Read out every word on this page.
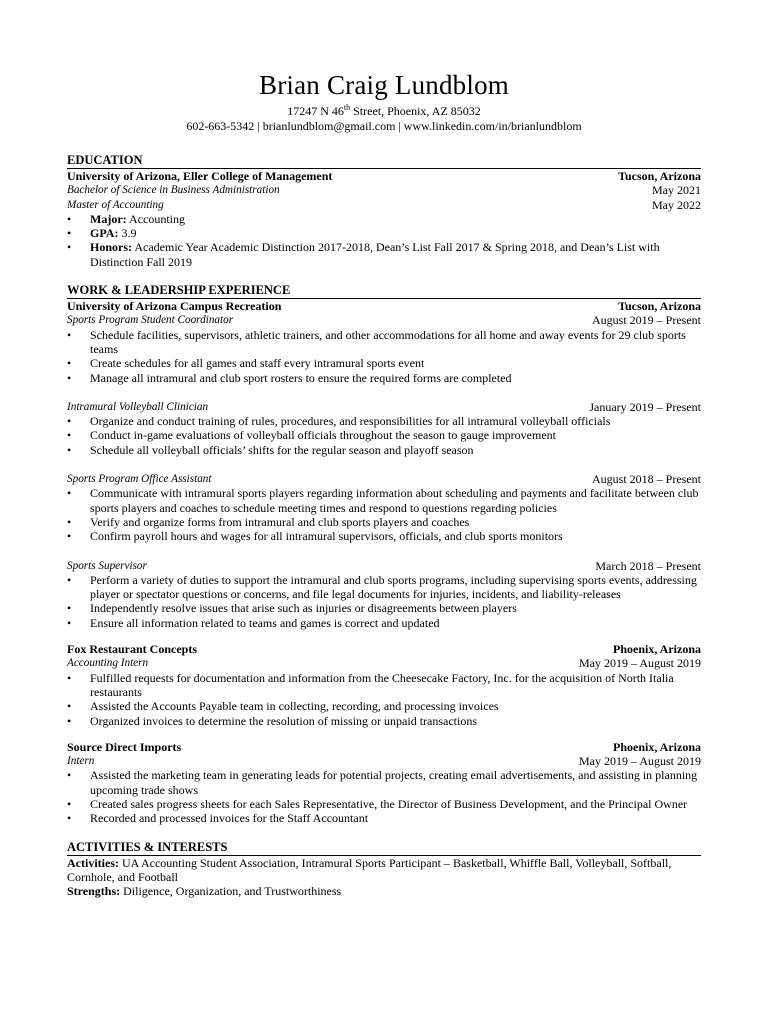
Brian Craig Lundblom
17247 N 46th Street, Phoenix, AZ 85032
602-663-5342 | brianlundblom@gmail.com | www.linkedin.com/in/brianlundblom
EDUCATION
University of Arizona, Eller College of Management	Tucson, Arizona
Bachelor of Science in Business Administration	May 2021
Master of Accounting	May 2022
• Major: Accounting
• GPA: 3.9
• Honors: Academic Year Academic Distinction 2017-2018, Dean’s List Fall 2017 & Spring 2018, and Dean’s List with Distinction Fall 2019
WORK & LEADERSHIP EXPERIENCE
University of Arizona Campus Recreation	Tucson, Arizona
Sports Program Student Coordinator	August 2019 – Present
• Schedule facilities, supervisors, athletic trainers, and other accommodations for all home and away events for 29 club sports teams
• Create schedules for all games and staff every intramural sports event
• Manage all intramural and club sport rosters to ensure the required forms are completed
Intramural Volleyball Clinician	January 2019 – Present
• Organize and conduct training of rules, procedures, and responsibilities for all intramural volleyball officials
• Conduct in-game evaluations of volleyball officials throughout the season to gauge improvement
• Schedule all volleyball officials’ shifts for the regular season and playoff season
Sports Program Office Assistant	August 2018 – Present
• Communicate with intramural sports players regarding information about scheduling and payments and facilitate between club sports players and coaches to schedule meeting times and respond to questions regarding policies
• Verify and organize forms from intramural and club sports players and coaches
• Confirm payroll hours and wages for all intramural supervisors, officials, and club sports monitors
Sports Supervisor	March 2018 – Present
• Perform a variety of duties to support the intramural and club sports programs, including supervising sports events, addressing player or spectator questions or concerns, and file legal documents for injuries, incidents, and liability-releases
• Independently resolve issues that arise such as injuries or disagreements between players
• Ensure all information related to teams and games is correct and updated
Fox Restaurant Concepts	Phoenix, Arizona
Accounting Intern	May 2019 – August 2019
• Fulfilled requests for documentation and information from the Cheesecake Factory, Inc. for the acquisition of North Italia restaurants
• Assisted the Accounts Payable team in collecting, recording, and processing invoices
• Organized invoices to determine the resolution of missing or unpaid transactions
Source Direct Imports	Phoenix, Arizona
Intern	May 2019 – August 2019
• Assisted the marketing team in generating leads for potential projects, creating email advertisements, and assisting in planning upcoming trade shows
• Created sales progress sheets for each Sales Representative, the Director of Business Development, and the Principal Owner
• Recorded and processed invoices for the Staff Accountant
ACTIVITIES & INTERESTS
Activities: UA Accounting Student Association, Intramural Sports Participant – Basketball, Whiffle Ball, Volleyball, Softball, Cornhole, and Football
Strengths: Diligence, Organization, and Trustworthiness
